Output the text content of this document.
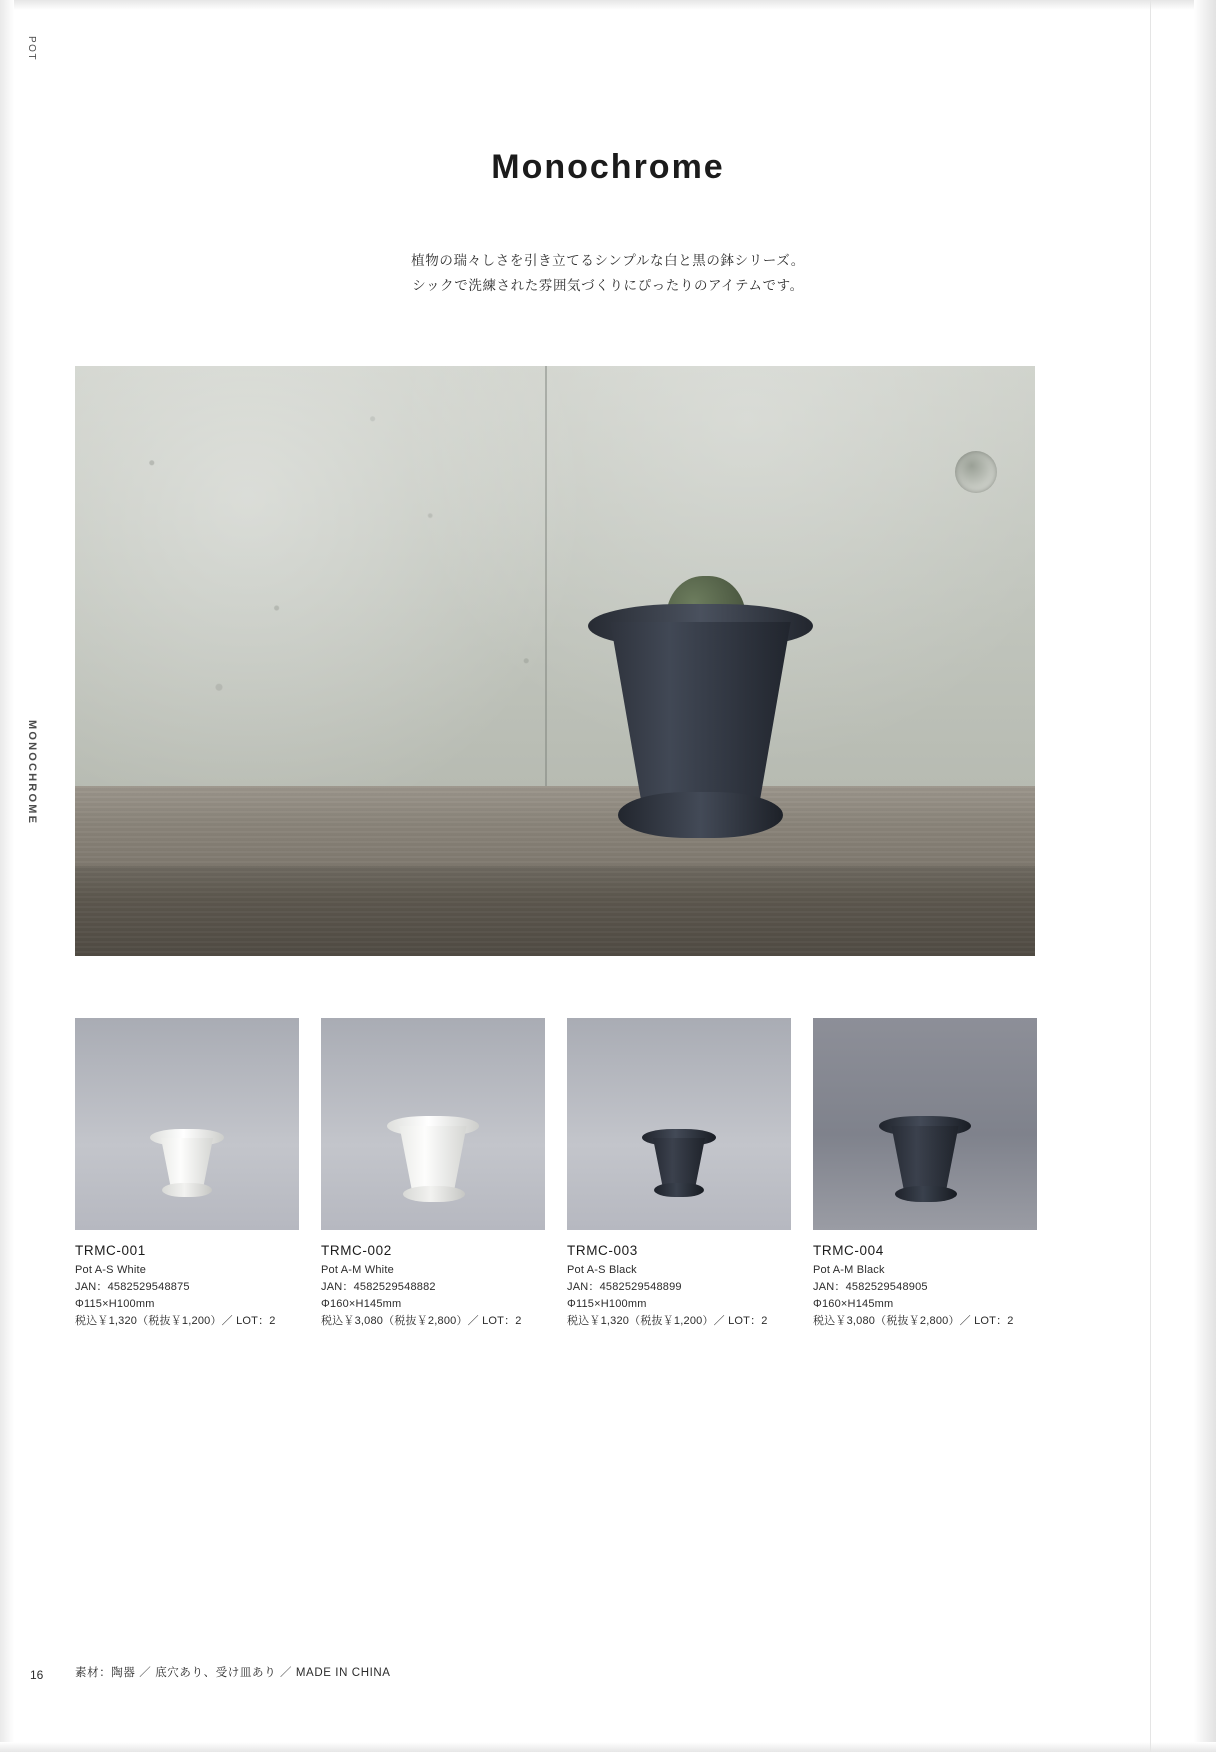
POT
MONOCHROME
Monochrome
植物の瑞々しさを引き立てるシンプルな白と黒の鉢シリーズ。
シックで洗練された雰囲気づくりにぴったりのアイテムです。
TRMC-001
Pot A-S White
JAN：4582529548875
Φ115×H100mm
税込￥1,320（税抜￥1,200）／ LOT：2
TRMC-002
Pot A-M White
JAN：4582529548882
Φ160×H145mm
税込￥3,080（税抜￥2,800）／ LOT：2
TRMC-003
Pot A-S Black
JAN：4582529548899
Φ115×H100mm
税込￥1,320（税抜￥1,200）／ LOT：2
TRMC-004
Pot A-M Black
JAN：4582529548905
Φ160×H145mm
税込￥3,080（税抜￥2,800）／ LOT：2
16	素材：陶器 ／ 底穴あり、受け皿あり ／ MADE IN CHINA
